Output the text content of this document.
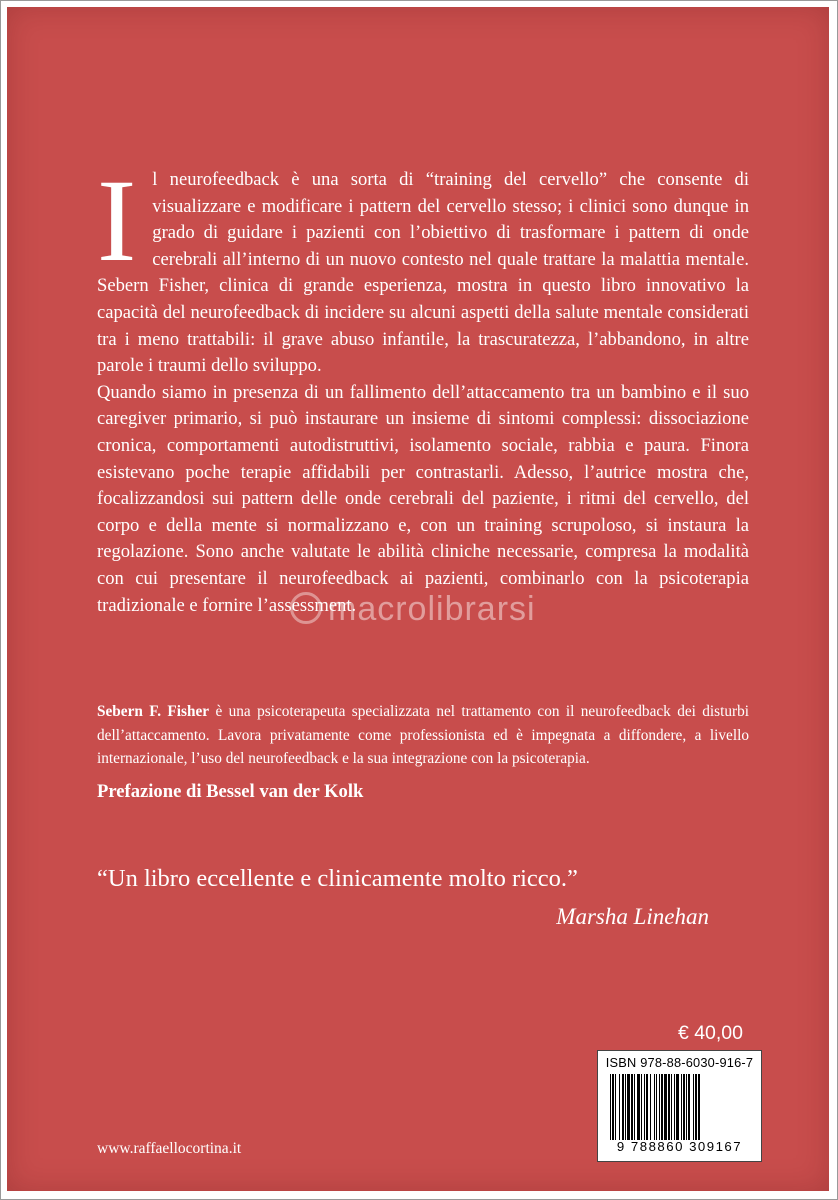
Il neurofeedback è una sorta di “training del cervello” che consente di visualizzare e modificare i pattern del cervello stesso; i clinici sono dunque in grado di guidare i pazienti con l’obiettivo di trasformare i pattern di onde cerebrali all’interno di un nuovo contesto nel quale trattare la malattia mentale. Sebern Fisher, clinica di grande esperienza, mostra in questo libro innovativo la capacità del neurofeedback di incidere su alcuni aspetti della salute mentale considerati tra i meno trattabili: il grave abuso infantile, la trascuratezza, l’abbandono, in altre parole i traumi dello sviluppo.

Quando siamo in presenza di un fallimento dell’attaccamento tra un bambino e il suo caregiver primario, si può instaurare un insieme di sintomi complessi: dissociazione cronica, comportamenti autodistruttivi, isolamento sociale, rabbia e paura. Finora esistevano poche terapie affidabili per contrastarli. Adesso, l’autrice mostra che, focalizzandosi sui pattern delle onde cerebrali del paziente, i ritmi del cervello, del corpo e della mente si normalizzano e, con un training scrupoloso, si instaura la regolazione. Sono anche valutate le abilità cliniche necessarie, compresa la modalità con cui presentare il neurofeedback ai pazienti, combinarlo con la psicoterapia tradizionale e fornire l’assessment.

macrolibrarsi
Sebern F. Fisher è una psicoterapeuta specializzata nel trattamento con il neurofeedback dei disturbi dell’attaccamento. Lavora privatamente come professionista ed è impegnata a diffondere, a livello internazionale, l’uso del neurofeedback e la sua integrazione con la psicoterapia.
Prefazione di Bessel van der Kolk
“Un libro eccellente e clinicamente molto ricco.”
Marsha Linehan
€ 40,00
ISBN 978-88-6030-916-7
9 788860 309167
www.raffaellocortina.it
